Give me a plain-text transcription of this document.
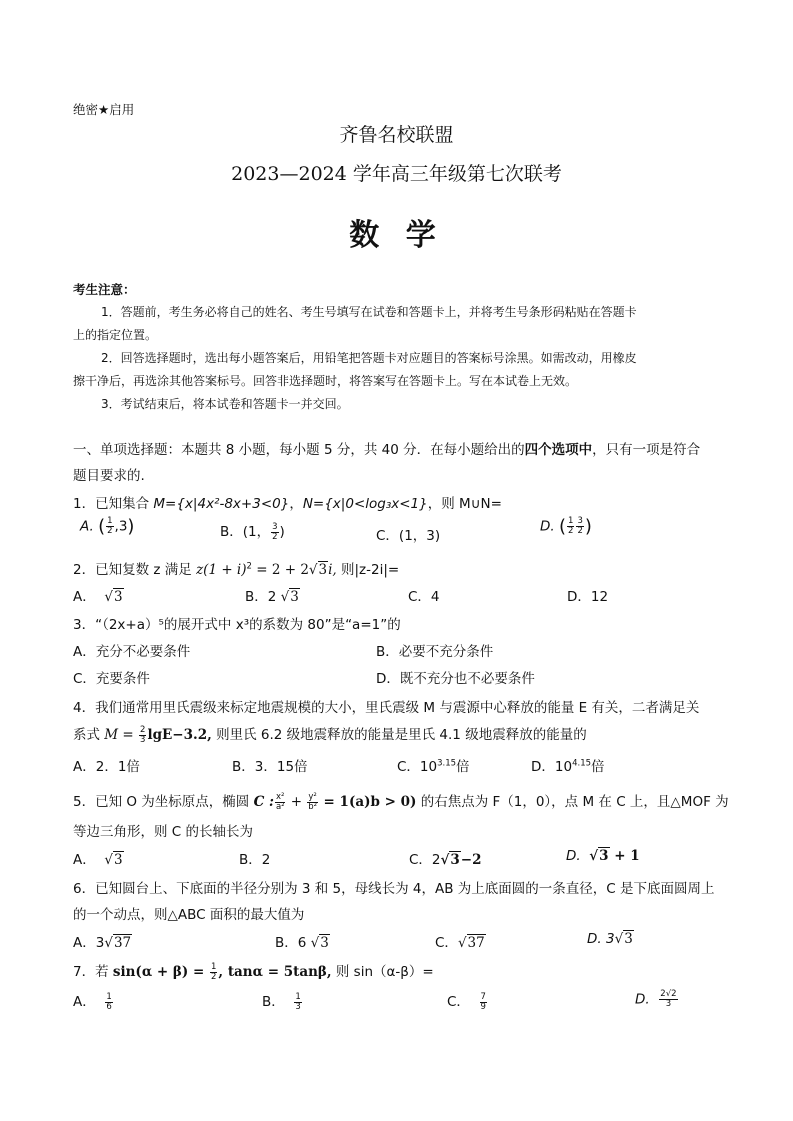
绝密★启用
齐鲁名校联盟
2023—2024 学年高三年级第七次联考
数 学
考生注意：
1．答题前，考生务必将自己的姓名、考生号填写在试卷和答题卡上，并将考生号条形码粘贴在答题卡
上的指定位置。
2．回答选择题时，选出每小题答案后，用铅笔把答题卡对应题目的答案标号涂黑。如需改动，用橡皮
擦干净后，再选涂其他答案标号。回答非选择题时，将答案写在答题卡上。写在本试卷上无效。
3．考试结束后，将本试卷和答题卡一并交回。
一、单项选择题：本题共 8 小题，每小题 5 分，共 40 分．在每小题给出的四个选项中，只有一项是符合
题目要求的.
1．已知集合 M={x|4x²-8x+3<0}，N={x|0<log₃x<1}，则 M∪N=
A. ( $\frac{1}{2} ,3$)	B．(1， $\frac{3}{2}$ )	C．(1，3)
D. ( $\frac{1}{2} \frac{3}{2}$ )
2．已知复数 z 满足 $z(1 + i)^2 = 2 + 2√3i$, 则|z-2i|=
A． √3	B．2 √3	C．4	D．12
3．“（2x+a）⁵的展开式中 x³的系数为 80”是“a=1”的
A．充分不必要条件	B．必要不充分条件
C．充要条件	D．既不充分也不必要条件
4．我们通常用里氏震级来标定地震规模的大小，里氏震级 M 与震源中心释放的能量 E 有关，二者满足关
系式 $M = \frac{2}{3} \lg E-3.2$, 则里氏 6.2 级地震释放的能量是里氏 4.1 级地震释放的能量的
A．2．1倍	B．3．15倍	C．$10^{3.15}$倍	D．$10^{4.15}$倍
5．已知 O 为坐标原点，椭圆 C : $\frac{\text{x²}}{\text{a²}} + \frac{\text{y²}}{\text{b²}} = 1(a)b > 0$) 的右焦点为 F（1，0），点 M 在 C 上，且△MOF 为
等边三角形，则 C 的长轴长为
A． √3	B．2	C．2√3−2	D. √3 + 1
6．已知圆台上、下底面的半径分别为 3 和 5，母线长为 4，AB 为上底面圆的一条直径，C 是下底面圆周上
的一个动点，则△ABC 面积的最大值为
A．3√37	B．6 √3	C．√37	D. 3√3
7．若 $\sin(\alpha + \beta) = \frac{1}{2}$ , tanα = 5tanβ, 则 sin（α-β）=
A． $\frac{1}{6}$	B． $\frac{1}{3}$	C． $\frac{7}{9}$	D. $\frac{2√2}{3}$
